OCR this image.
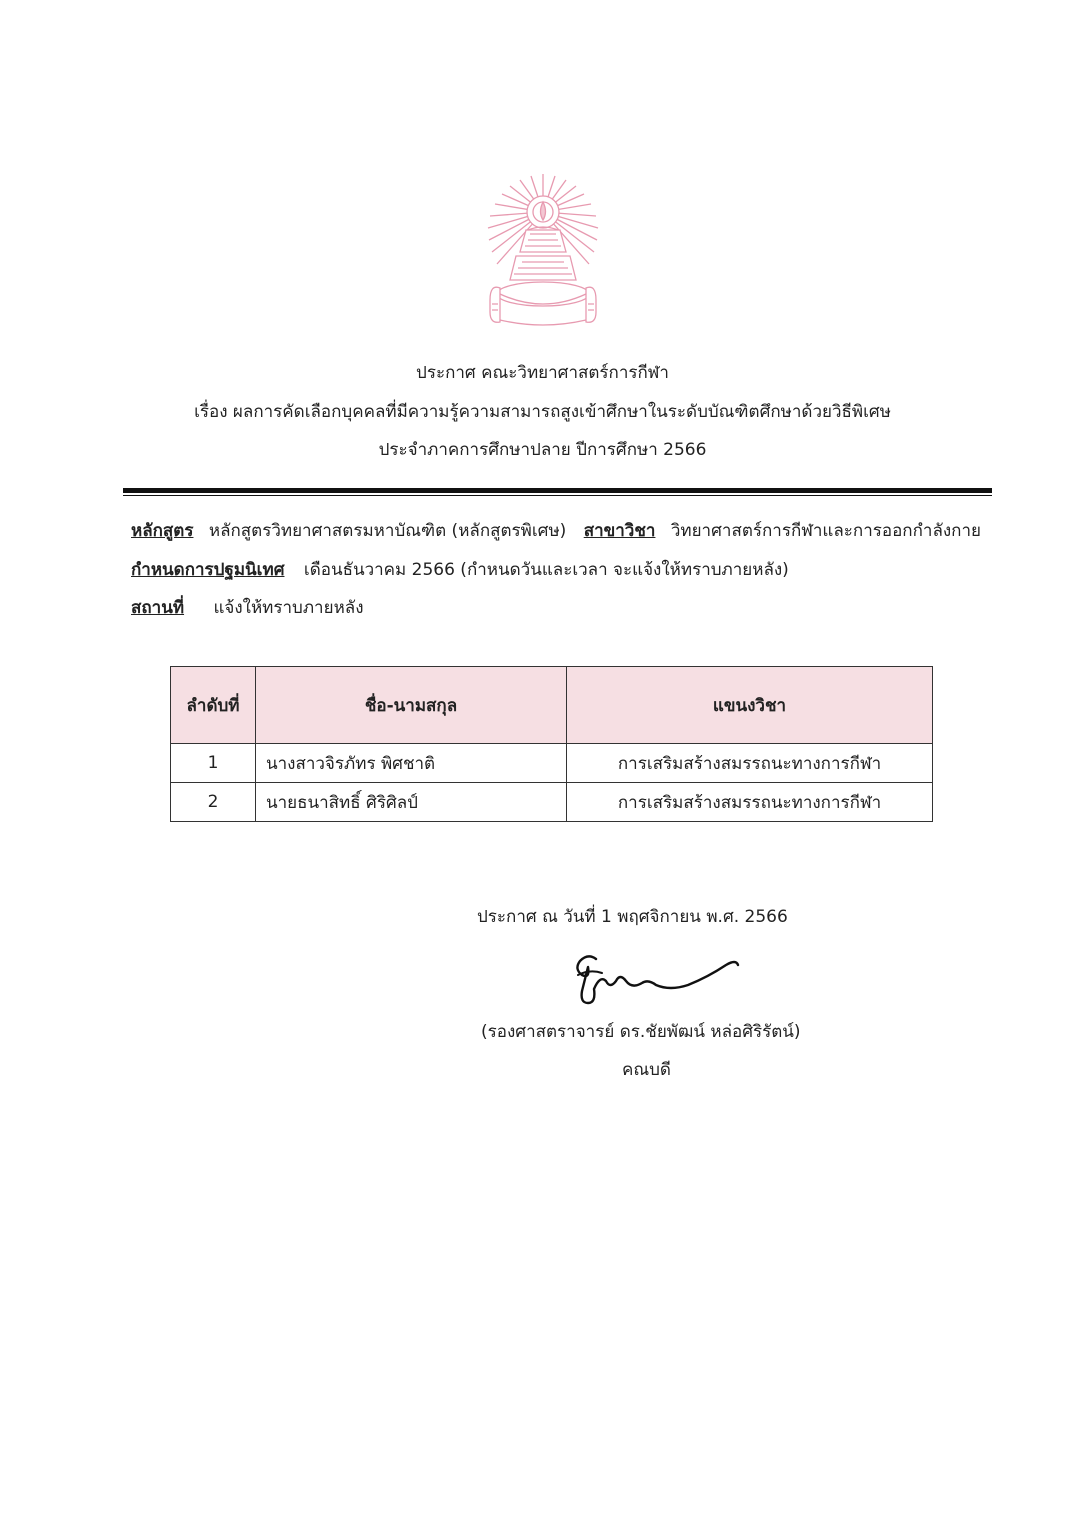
ประกาศ คณะวิทยาศาสตร์การกีฬา
เรื่อง ผลการคัดเลือกบุคคลที่มีความรู้ความสามารถสูงเข้าศึกษาในระดับบัณฑิตศึกษาด้วยวิธีพิเศษ
ประจำภาคการศึกษาปลาย ปีการศึกษา 2566
หลักสูตร หลักสูตรวิทยาศาสตรมหาบัณฑิต (หลักสูตรพิเศษ) สาขาวิชา วิทยาศาสตร์การกีฬาและการออกกำลังกาย
กำหนดการปฐมนิเทศ เดือนธันวาคม 2566 (กำหนดวันและเวลา จะแจ้งให้ทราบภายหลัง)
สถานที่ แจ้งให้ทราบภายหลัง
ลำดับที่	ชื่อ-นามสกุล	แขนงวิชา
1	นางสาวจิรภัทร พิศชาติ	การเสริมสร้างสมรรถนะทางการกีฬา
2	นายธนาสิทธิ์ ศิริศิลป์	การเสริมสร้างสมรรถนะทางการกีฬา
ประกาศ ณ วันที่ 1 พฤศจิกายน พ.ศ. 2566
(รองศาสตราจารย์ ดร.ชัยพัฒน์ หล่อศิริรัตน์)
คณบดี
